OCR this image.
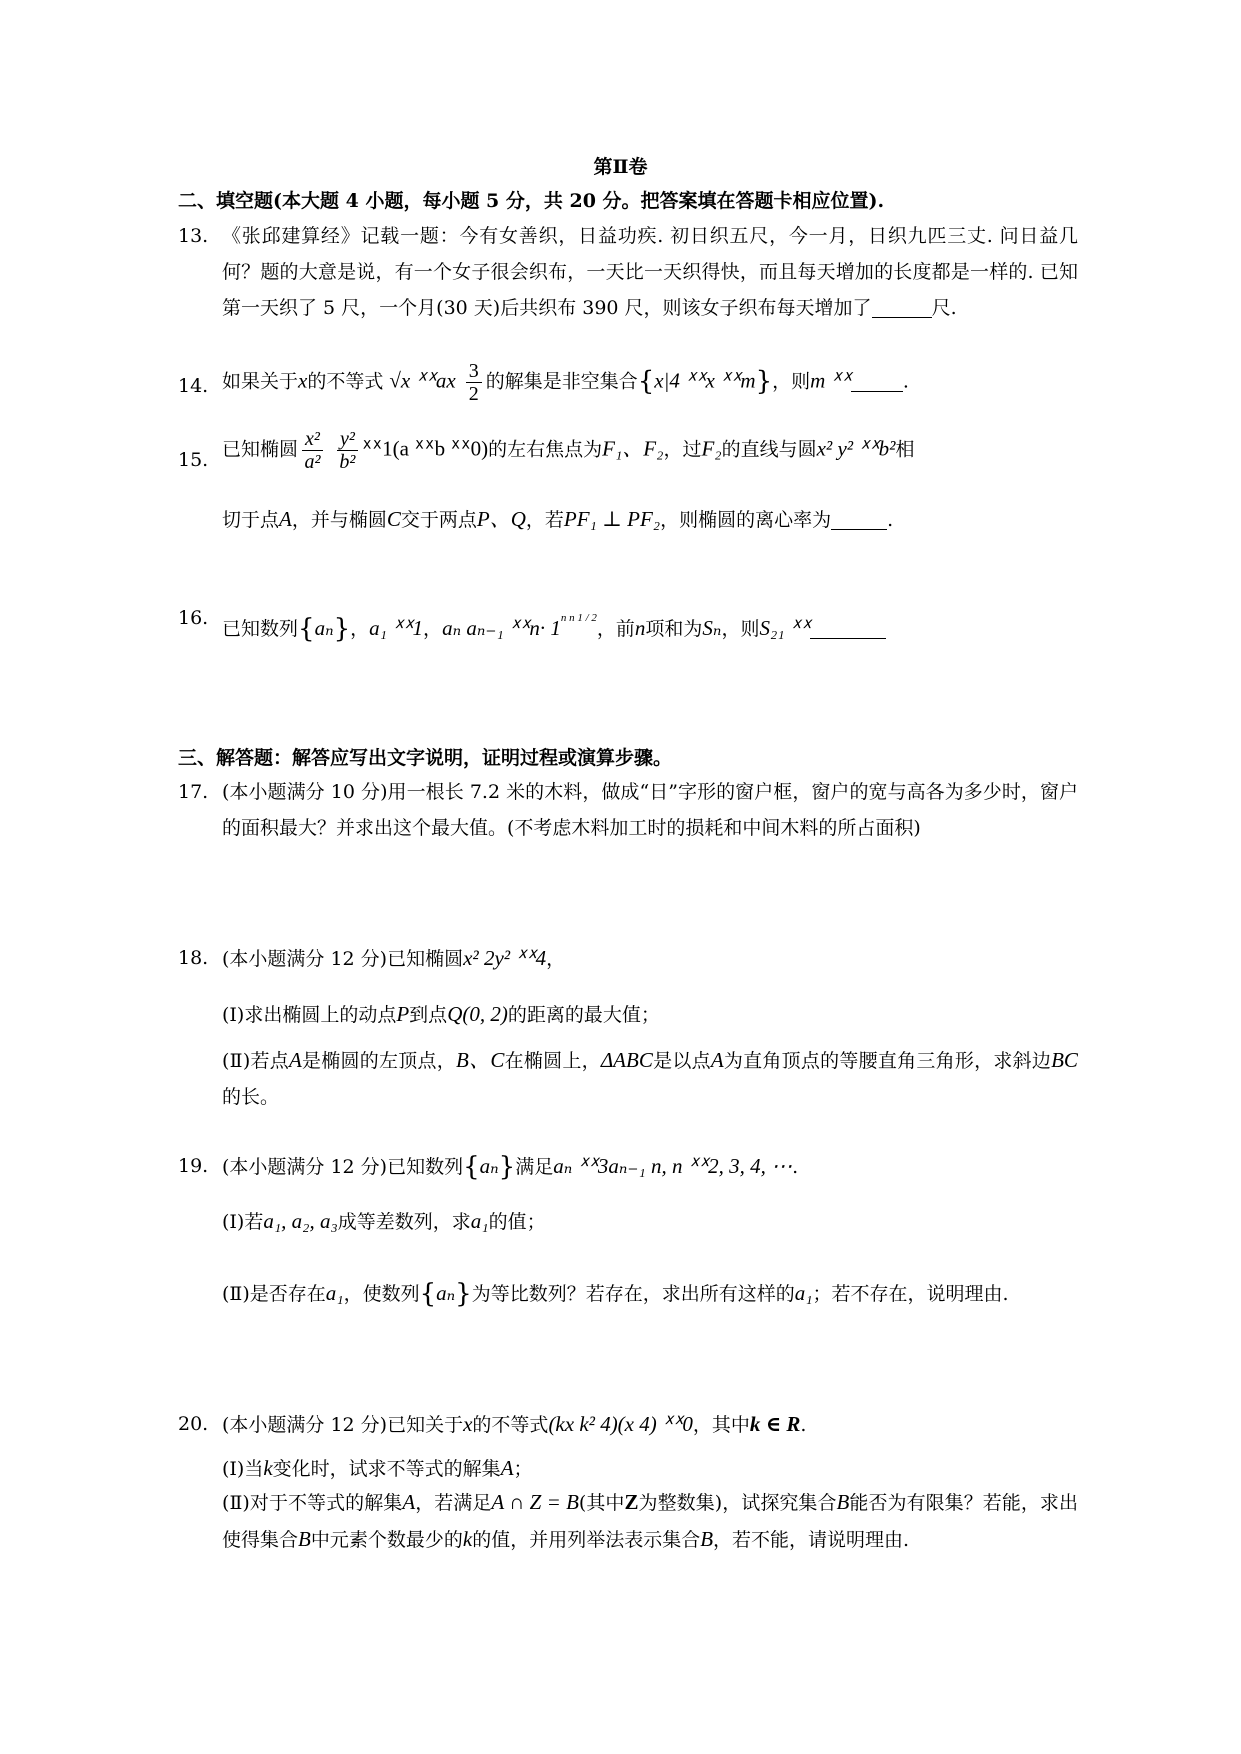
第Ⅱ卷
二、填空题(本大题 4 小题，每小题 5 分，共 20 分。把答案填在答题卡相应位置).
13. 《张邱建算经》记载一题：今有女善织，日益功疾. 初日织五尺，今一月，日织九匹三丈. 问日益几何？题的大意是说，有一个女子很会织布，一天比一天织得快，而且每天增加的长度都是一样的. 已知第一天织了 5 尺，一个月(30 天)后共织布 390 尺，则该女子织布每天增加了	尺.
14. 如果关于x的不等式 √x ᕽᕽax $\frac{3}{2}$ 的解集是非空集合{x|4 ᕽᕽx ᕽᕽm}，则m ᕽᕽ	.
15. 已知椭圆 $\frac{\text{x²}}{\text{a²}}$
$\frac{\text{y²}}{\text{b²}}$ ᕽᕽ1(a ᕽᕽb ᕽᕽ0)的左右焦点为F₁、F₂，过F₂的直线与圆x² y² ᕽᕽb²相
切于点A，并与椭圆C交于两点P、Q，若PF₁ ⊥ PF₂，则椭圆的离心率为	.
16. 已知数列{aₙ}，a₁ ᕽᕽ1，aₙ aₙ₋₁ ᕽᕽn· $1^{n n 1 / 2}$，前n项和为Sₙ，则S₂₁ ᕽᕽ
三、解答题：解答应写出文字说明，证明过程或演算步骤。
17. (本小题满分 10 分)用一根长 7.2 米的木料，做成“日”字形的窗户框，窗户的宽与高各为多少时，窗户的面积最大？并求出这个最大值。(不考虑木料加工时的损耗和中间木料的所占面积)
18. (本小题满分 12 分)已知椭圆x² 2y² ᕽᕽ4，
(Ⅰ)求出椭圆上的动点P到点Q(0, 2)的距离的最大值；
(Ⅱ)若点A是椭圆的左顶点，B、C在椭圆上，ΔABC是以点A为直角顶点的等腰直角三角形，求斜边BC的长。
19. (本小题满分 12 分)已知数列{aₙ}满足aₙ ᕽᕽ3aₙ₋₁ n, n ᕽᕽ2, 3, 4, ⋯.
(Ⅰ)若a₁, a₂, a₃成等差数列，求a₁的值；
(Ⅱ)是否存在a₁，使数列{aₙ}为等比数列？若存在，求出所有这样的a₁；若不存在，说明理由.
20. (本小题满分 12 分)已知关于x的不等式(kx k² 4)(x 4) ᕽᕽ0，其中k ∈ R.
(Ⅰ)当k变化时，试求不等式的解集A；
(Ⅱ)对于不等式的解集A，若满足A ∩ Z = B(其中Z为整数集)，试探究集合B能否为有限集？若能，求出使得集合B中元素个数最少的k的值，并用列举法表示集合B，若不能，请说明理由.
